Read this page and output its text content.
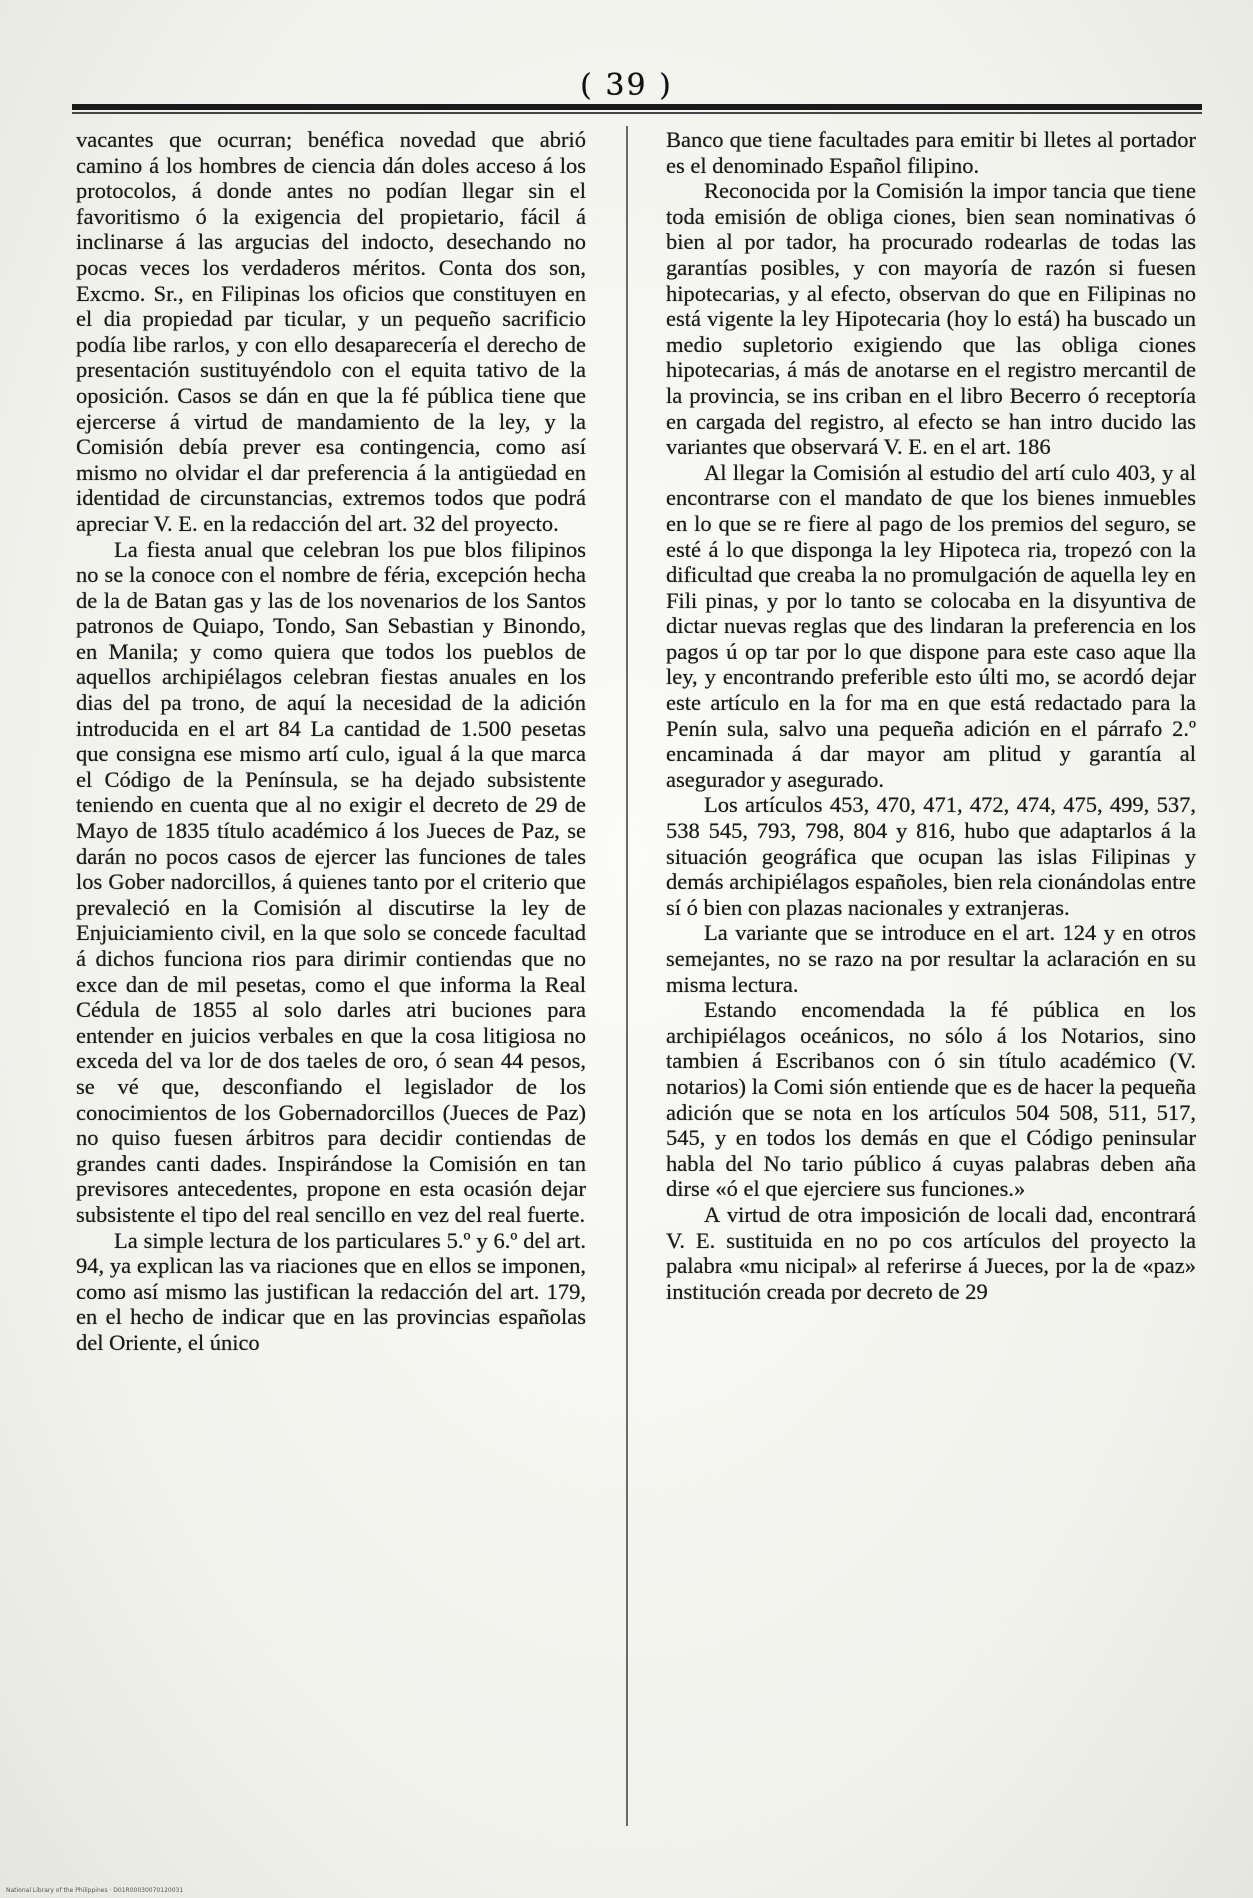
( 39 )

vacantes que ocurran; benéfica novedad que abrió camino á los hombres de ciencia dán doles acceso á los protocolos, á donde antes no podían llegar sin el favoritismo ó la exigencia del propietario, fácil á inclinarse á las argucias del indocto, desechando no pocas veces los verdaderos méritos. Conta dos son, Excmo. Sr., en Filipinas los oficios que constituyen en el dia propiedad par ticular, y un pequeño sacrificio podía libe rarlos, y con ello desaparecería el derecho de presentación sustituyéndolo con el equita tativo de la oposición. Casos se dán en que la fé pública tiene que ejercerse á virtud de mandamiento de la ley, y la Comisión debía prever esa contingencia, como así mismo no olvidar el dar preferencia á la antigüedad en identidad de circunstancias, extremos todos que podrá apreciar V. E. en la redacción del art. 32 del proyecto.

La fiesta anual que celebran los pue blos filipinos no se la conoce con el nombre de féria, excepción hecha de la de Batan gas y las de los novenarios de los Santos patronos de Quiapo, Tondo, San Sebastian y Binondo, en Manila; y como quiera que todos los pueblos de aquellos archipiélagos celebran fiestas anuales en los dias del pa trono, de aquí la necesidad de la adición introducida en el art 84 La cantidad de 1.500 pesetas que consigna ese mismo artí culo, igual á la que marca el Código de la Península, se ha dejado subsistente teniendo en cuenta que al no exigir el decreto de 29 de Mayo de 1835 título académico á los Jueces de Paz, se darán no pocos casos de ejercer las funciones de tales los Gober nadorcillos, á quienes tanto por el criterio que prevaleció en la Comisión al discutirse la ley de Enjuiciamiento civil, en la que solo se concede facultad á dichos funciona rios para dirimir contiendas que no exce dan de mil pesetas, como el que informa la Real Cédula de 1855 al solo darles atri buciones para entender en juicios verbales en que la cosa litigiosa no exceda del va lor de dos taeles de oro, ó sean 44 pesos, se vé que, desconfiando el legislador de los conocimientos de los Gobernadorcillos (Jueces de Paz) no quiso fuesen árbitros para decidir contiendas de grandes canti dades. Inspirándose la Comisión en tan previsores antecedentes, propone en esta ocasión dejar subsistente el tipo del real sencillo en vez del real fuerte.

La simple lectura de los particulares 5.º y 6.º del art. 94, ya explican las va riaciones que en ellos se imponen, como así mismo las justifican la redacción del art. 179, en el hecho de indicar que en las provincias españolas del Oriente, el único

Banco que tiene facultades para emitir bi lletes al portador es el denominado Español filipino.

Reconocida por la Comisión la impor tancia que tiene toda emisión de obliga ciones, bien sean nominativas ó bien al por tador, ha procurado rodearlas de todas las garantías posibles, y con mayoría de razón si fuesen hipotecarias, y al efecto, observan do que en Filipinas no está vigente la ley Hipotecaria (hoy lo está) ha buscado un medio supletorio exigiendo que las obliga ciones hipotecarias, á más de anotarse en el registro mercantil de la provincia, se ins criban en el libro Becerro ó receptoría en cargada del registro, al efecto se han intro ducido las variantes que observará V. E. en el art. 186

Al llegar la Comisión al estudio del artí culo 403, y al encontrarse con el mandato de que los bienes inmuebles en lo que se re fiere al pago de los premios del seguro, se esté á lo que disponga la ley Hipoteca ria, tropezó con la dificultad que creaba la no promulgación de aquella ley en Fili pinas, y por lo tanto se colocaba en la disyuntiva de dictar nuevas reglas que des lindaran la preferencia en los pagos ú op tar por lo que dispone para este caso aque lla ley, y encontrando preferible esto últi mo, se acordó dejar este artículo en la for ma en que está redactado para la Penín sula, salvo una pequeña adición en el párrafo 2.º encaminada á dar mayor am plitud y garantía al asegurador y asegurado.

Los artículos 453, 470, 471, 472, 474, 475, 499, 537, 538 545, 793, 798, 804 y 816, hubo que adaptarlos á la situación geográfica que ocupan las islas Filipinas y demás archipiélagos españoles, bien rela cionándolas entre sí ó bien con plazas nacionales y extranjeras.

La variante que se introduce en el art. 124 y en otros semejantes, no se razo na por resultar la aclaración en su misma lectura.

Estando encomendada la fé pública en los archipiélagos oceánicos, no sólo á los Notarios, sino tambien á Escribanos con ó sin título académico (V. notarios) la Comi sión entiende que es de hacer la pequeña adición que se nota en los artículos 504 508, 511, 517, 545, y en todos los demás en que el Código peninsular habla del No tario público á cuyas palabras deben aña dirse «ó el que ejerciere sus funciones.»

A virtud de otra imposición de locali dad, encontrará V. E. sustituida en no po cos artículos del proyecto la palabra «mu nicipal» al referirse á Jueces, por la de «paz» institución creada por decreto de 29

National Library of the Philippines · D01R00030070120031
